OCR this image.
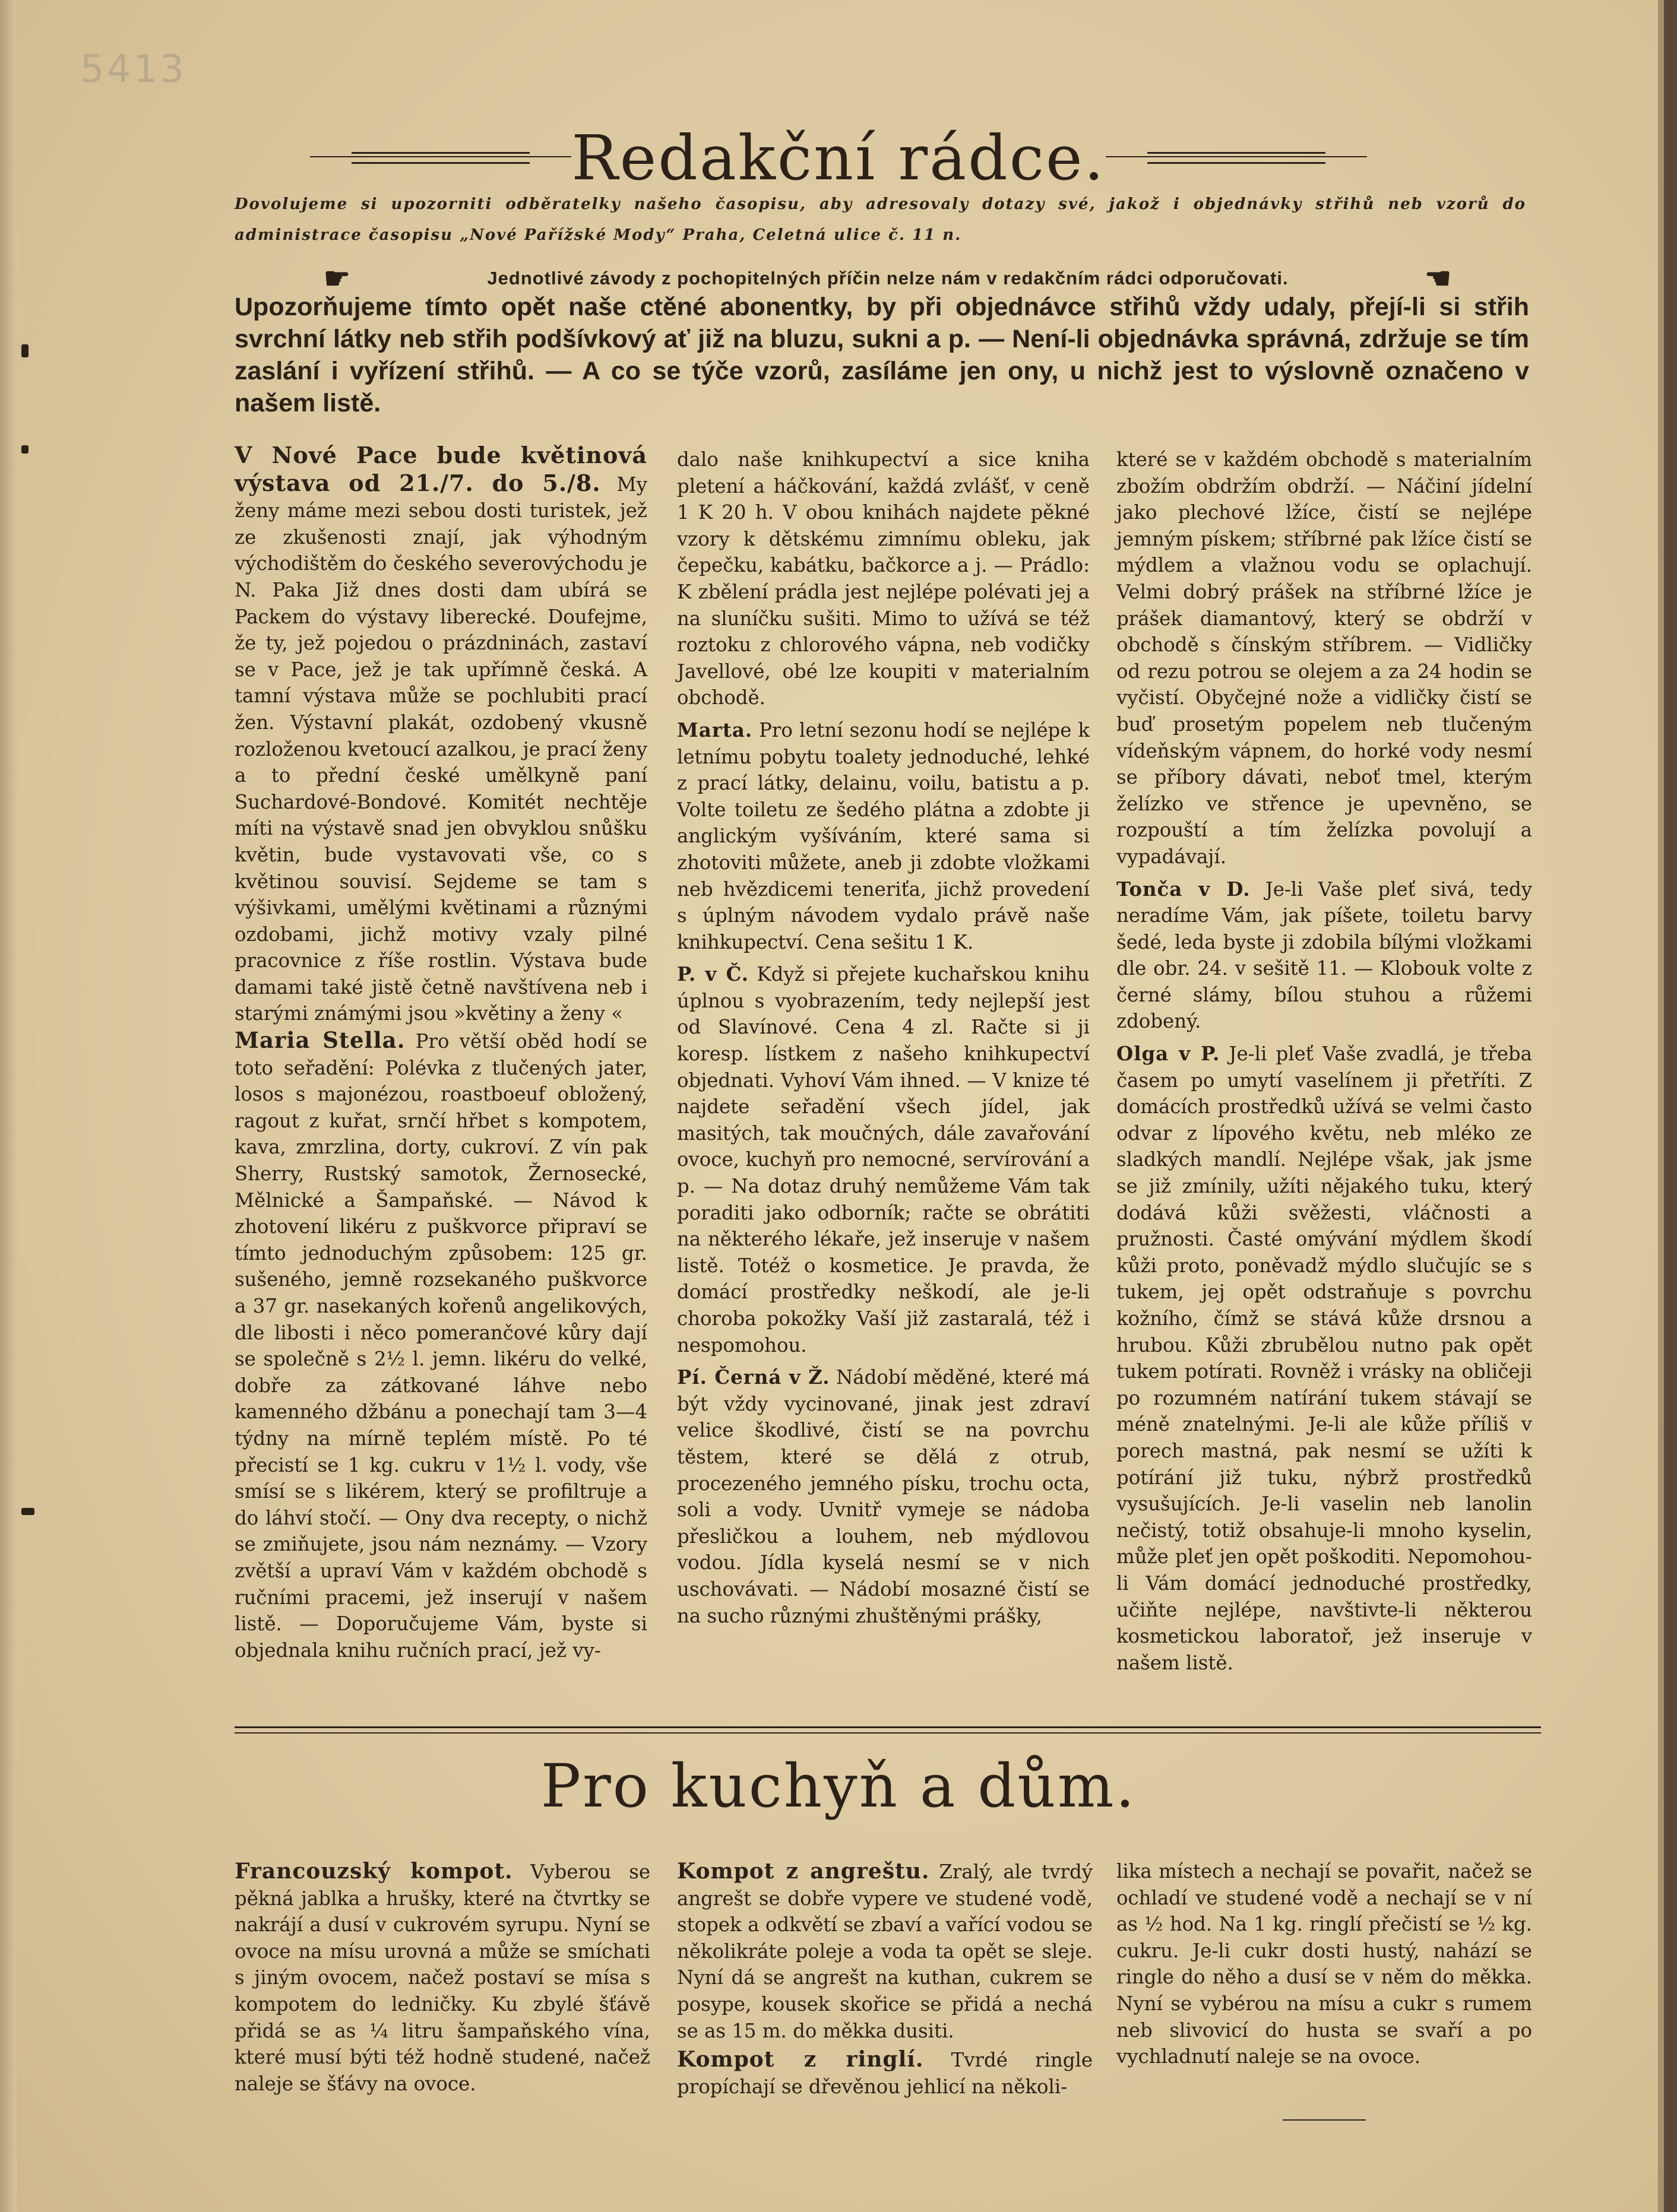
5413
Redakční rádce.
Dovolujeme si upozorniti odběratelky našeho časopisu, aby adresovaly dotazy své, jakož i objednávky střihů neb vzorů do administrace časopisu „Nové Pařížské Mody“ Praha, Celetná ulice č. 11 n.
☛	Jednotlivé závody z pochopitelných příčin nelze nám v redakčním rádci odporučovati.	☚
Upozorňujeme tímto opět naše ctěné abonentky, by při objednávce střihů vždy udaly, přejí-li si střih svrchní látky neb střih podšívkový ať již na bluzu, sukni a p. — Není-li objednávka správná, zdržuje se tím zaslání i vyřízení střihů. — A co se týče vzorů, zasíláme jen ony, u nichž jest to výslovně označeno v našem listě.

V Nové Pace bude květinová výstava od 21./7. do 5./8. My ženy máme mezi sebou dosti turistek, jež ze zkušenosti znají, jak výhodným východištěm do českého severovýchodu je N. Paka Již dnes dosti dam ubírá se Packem do výstavy liberecké. Doufejme, že ty, jež pojedou o prázdninách, zastaví se v Pace, jež je tak upřímně česká. A tamní výstava může se pochlubiti prací žen. Výstavní plakát, ozdobený vkusně rozloženou kvetoucí azalkou, je prací ženy a to přední české umělkyně paní Suchardové-Bondové. Komitét nechtěje míti na výstavě snad jen obvyklou snůšku květin, bude vystavovati vše, co s květinou souvisí. Sejdeme se tam s výšivkami, umělými květinami a různými ozdobami, jichž motivy vzaly pilné pracovnice z říše rostlin. Výstava bude damami také jistě četně navštívena neb i starými známými jsou »květiny a ženy «

Maria Stella. Pro větší oběd hodí se toto seřadění: Polévka z tlučených jater, losos s majonézou, roastboeuf obložený, ragout z kuřat, srnčí hřbet s kompotem, kava, zmrzlina, dorty, cukroví. Z vín pak Sherry, Rustský samotok, Žernosecké, Mělnické a Šampaňské. — Návod k zhotovení likéru z puškvorce připraví se tímto jednoduchým způsobem: 125 gr. sušeného, jemně rozsekaného puškvorce a 37 gr. nasekaných kořenů angelikových, dle libosti i něco pomerančové kůry dají se společně s 2½ l. jemn. likéru do velké, dobře za zátkované láhve nebo kamenného džbánu a ponechají tam 3—4 týdny na mírně teplém místě. Po té přecistí se 1 kg. cukru v 1½ l. vody, vše smísí se s likérem, který se profiltruje a do láhví stočí. — Ony dva recepty, o nichž se zmiňujete, jsou nám neznámy. — Vzory zvětší a upraví Vám v každém obchodě s ručními pracemi, jež inserují v našem listě. — Doporučujeme Vám, byste si objednala knihu ručních prací, jež vy-

dalo naše knihkupectví a sice kniha pletení a háčkování, každá zvlášť, v ceně 1 K 20 h. V obou knihách najdete pěkné vzory k dětskému zimnímu obleku, jak čepečku, kabátku, bačkorce a j. — Prádlo: K zbělení prádla jest nejlépe polévati jej a na sluníčku sušiti. Mimo to užívá se též roztoku z chlorového vápna, neb vodičky Javellové, obé lze koupiti v materialním obchodě.

Marta. Pro letní sezonu hodí se nejlépe k letnímu pobytu toalety jednoduché, lehké z prací látky, delainu, voilu, batistu a p. Volte toiletu ze šedého plátna a zdobte ji anglickým vyšíváním, které sama si zhotoviti můžete, aneb ji zdobte vložkami neb hvězdicemi teneriťa, jichž provedení s úplným návodem vydalo právě naše knihkupectví. Cena sešitu 1 K.

P. v Č. Když si přejete kuchařskou knihu úplnou s vyobrazením, tedy nejlepší jest od Slavínové. Cena 4 zl. Račte si ji koresp. lístkem z našeho knihkupectví objednati. Vyhoví Vám ihned. — V knize té najdete seřadění všech jídel, jak masitých, tak moučných, dále zavařování ovoce, kuchyň pro nemocné, servírování a p. — Na dotaz druhý nemůžeme Vám tak poraditi jako odborník; račte se obrátiti na některého lékaře, jež inseruje v našem listě. Totéž o kosmetice. Je pravda, že domácí prostředky neškodí, ale je-li choroba pokožky Vaší již zastaralá, též i nespomohou.

Pí. Černá v Ž. Nádobí měděné, které má být vždy vycinované, jinak jest zdraví velice škodlivé, čistí se na povrchu těstem, které se dělá z otrub, procezeného jemného písku, trochu octa, soli a vody. Uvnitř vymeje se nádoba přesličkou a louhem, neb mýdlovou vodou. Jídla kyselá nesmí se v nich uschovávati. — Nádobí mosazné čistí se na sucho různými zhuštěnými prášky,

které se v každém obchodě s materialním zbožím obdržím obdrží. — Náčiní jídelní jako plechové lžíce, čistí se nejlépe jemným pískem; stříbrné pak lžíce čistí se mýdlem a vlažnou vodu se oplachují. Velmi dobrý prášek na stříbrné lžíce je prášek diamantový, který se obdrží v obchodě s čínským stříbrem. — Vidličky od rezu potrou se olejem a za 24 hodin se vyčistí. Obyčejné nože a vidličky čistí se buď prosetým popelem neb tlučeným vídeňským vápnem, do horké vody nesmí se příbory dávati, neboť tmel, kterým želízko ve střence je upevněno, se rozpouští a tím želízka povolují a vypadávají.

Tonča v D. Je-li Vaše pleť sivá, tedy neradíme Vám, jak píšete, toiletu barvy šedé, leda byste ji zdobila bílými vložkami dle obr. 24. v sešitě 11. — Klobouk volte z černé slámy, bílou stuhou a růžemi zdobený.

Olga v P. Je-li pleť Vaše zvadlá, je třeba časem po umytí vaselínem ji přetříti. Z domácích prostředků užívá se velmi často odvar z lípového květu, neb mléko ze sladkých mandlí. Nejlépe však, jak jsme se již zmínily, užíti nějakého tuku, který dodává kůži svěžesti, vláčnosti a pružnosti. Časté omývání mýdlem škodí kůži proto, poněvadž mýdlo slučujíc se s tukem, jej opět odstraňuje s povrchu kožního, čímž se stává kůže drsnou a hrubou. Kůži zbrubělou nutno pak opět tukem potírati. Rovněž i vrásky na obličeji po rozumném natírání tukem stávají se méně znatelnými. Je-li ale kůže příliš v porech mastná, pak nesmí se užíti k potírání již tuku, nýbrž prostředků vysušujících. Je-li vaselin neb lanolin nečistý, totiž obsahuje-li mnoho kyselin, může pleť jen opět poškoditi. Nepomohou-li Vám domácí jednoduché prostředky, učiňte nejlépe, navštivte-li některou kosmetickou laboratoř, jež inseruje v našem listě.

Pro kuchyň a dům.

Francouzský kompot. Vyberou se pěkná jablka a hrušky, které na čtvrtky se nakrájí a dusí v cukrovém syrupu. Nyní se ovoce na mísu urovná a může se smíchati s jiným ovocem, načež postaví se mísa s kompotem do ledničky. Ku zbylé šťávě přidá se as ¼ litru šampaňského vína, které musí býti též hodně studené, načež naleje se šťávy na ovoce.

Kompot z angreštu. Zralý, ale tvrdý angrešt se dobře vypere ve studené vodě, stopek a odkvětí se zbaví a vařící vodou se několikráte poleje a voda ta opět se sleje. Nyní dá se angrešt na kuthan, cukrem se posype, kousek skořice se přidá a nechá se as 15 m. do měkka dusiti.

Kompot z ringlí. Tvrdé ringle propíchají se dřevěnou jehlicí na několi-

lika místech a nechají se povařit, načež se ochladí ve studené vodě a nechají se v ní as ½ hod. Na 1 kg. ringlí přečistí se ½ kg. cukru. Je-li cukr dosti hustý, nahází se ringle do něho a dusí se v něm do měkka. Nyní se vybérou na mísu a cukr s rumem neb slivovicí do husta se svaří a po vychladnutí naleje se na ovoce.
